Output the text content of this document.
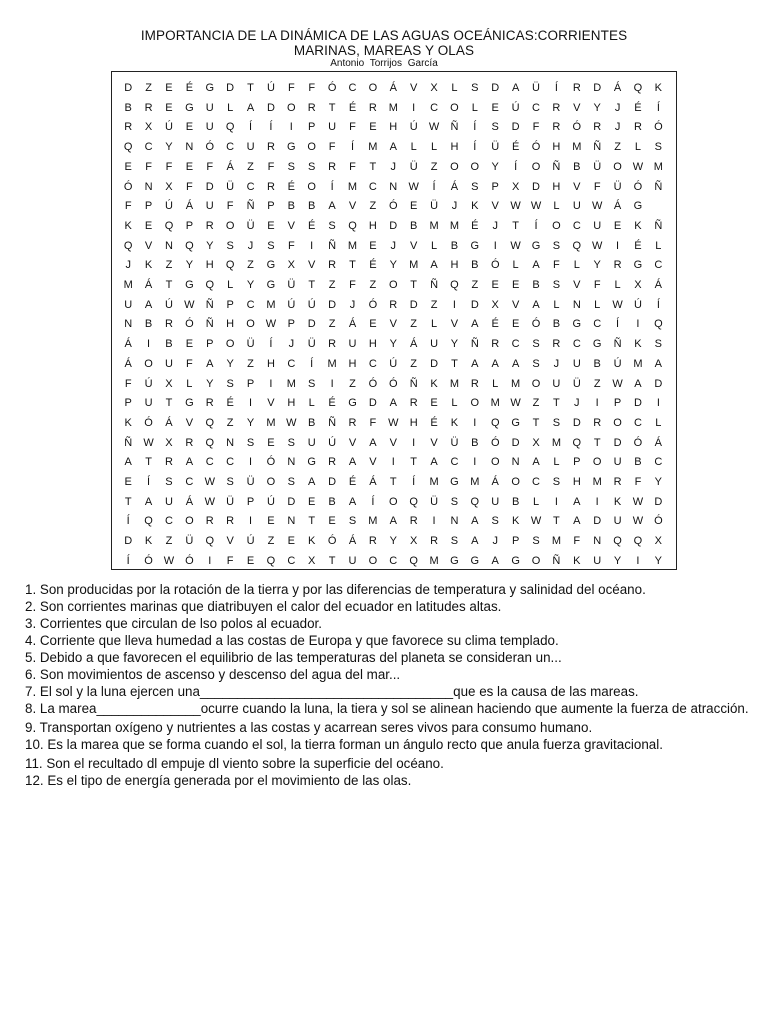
IMPORTANCIA DE LA DINÁMICA DE LAS AGUAS OCEÁNICAS:CORRIENTES
MARINAS, MAREAS Y OLAS
Antonio Torrijos García
D	Z	E	É	G	D	T	Ú	F	F	Ó	C	O	Á	V	X	L	S	D	A	Ü	Í	R	D	Á	Q	K
B	R	E	G	U	L	A	D	O	R	T	É	R	M	I	C	O	L	E	Ú	C	R	V	Y	J	É	Í
R	X	Ú	E	U	Q	Í	Í	I	P	U	F	E	H	Ú	W	Ñ	Í	S	D	F	R	Ó	R	J	R	Ó
Q	C	Y	N	Ó	C	U	R	G	O	F	Í	M	A	L	L	H	Í	Ü	É	Ó	H	M	Ñ	Z	L	S
E	F	F	E	F	Á	Z	F	S	S	R	F	T	J	Ü	Z	O	O	Y	Í	O	Ñ	B	Ü	O W M
Ó	N	X	F	D	Ü	C	R	É	O	Í	M	C	N	W	Í	Á	S	P	X	D	H	V	F	Ü	Ó	Ñ
F	P	Ú	Á	U	F	Ñ	P	B	B	A	V	Z	Ó	E	Ü	J	K	V	W W	L	U	W	Á	G
K	E	Q	P	R	O	Ü	E	V	É	S	Q	H	D	B	M	M	É	J	T	Í	O	C	U	E	K	Ñ
Q	V	N	Q	Y	S	J	S	F	I	Ñ	M	E	J	V	L	B	G	I	W G	S	Q W	I	É	L
J	K	Z	Y	H	Q	Z	G	X	V	R	T	É	Y	M	A	H	B	Ó	L	A	F	L	Y	R	G	C
M	Á	T	G	Q	L	Y	G	Ü	T	Z	F	Z	O	T	Ñ	Q	Z	E	E	B	S	V	F	L	X	Á
U	A	Ú	W	Ñ	P	C	M	Ú	Ú	D	J	Ó	R	D	Z	I	D	X	V	A	L	N	L	W	Ú	Í
N	B	R	Ó	Ñ	H	O W	P	D	Z	Á	E	V	Z	L	V	A	É	E	Ó	B	G	C	Í	I	Q
Á	I	B	E	P	O	Ü	Í	J	Ü	R	U	H	Y	Á	U	Y	Ñ	R	C	S	R	C	G	Ñ	K	S
Á	O	U	F	A	Y	Z	H	C	Í	M	H	C	Ú	Z	D	T	A	A	A	S	J	U	B	Ú	M	A
F	Ú	X	L	Y	S	P	I	M	S	I	Z	Ó	Ó	Ñ	K	M	R	L	M	O	U	Ü	Z	W	A	D
P	U	T	G	R	É	I	V	H	L	É	G	D	A	R	E	L	O	M W	Z	T	J	I	P	D	I
K	Ó	Á	V	Q	Z	Y	M W	B	Ñ	R	F	W	H	É	K	I	Q	G	T	S	D	R	O	C	L
Ñ	W	X	R	Q	N	S	E	S	U	Ú	V	A	V	I	V	Ü	B	Ó	D	X	M	Q	T	D	Ó	Á
A	T	R	A	C	C	I	Ó	N	G	R	A	V	I	T	A	C	I	O	N	A	L	P	O	U	B	C
E	Í	S	C	W	S	Ü	O	S	A	D	É	Á	T	Í	M	G	M	Á	O	C	S	H	M	R	F	Y
T	A	U	Á	W	Ü	P	Ú	D	E	B	A	Í	O	Q	Ü	S	Q	U	B	L	I	A	I	K	W	D
Í	Q	C	O	R	R	I	E	N	T	E	S	M	A	R	I	N	A	S	K	W	T	A	D	U	W Ó
D	K	Z	Ü	Q	V	Ú	Z	E	K	Ó	Á	R	Y	X	R	S	A	J	P	S	M	F	N	Q	Q	X
Í	Ó W Ó	I	F	E	Q	C	X	T	U	O	C	Q	M	G	G	A	G	O	Ñ	K	U	Y	I	Y

1. Son producidas por la rotación de la tierra y por las diferencias de temperatura y salinidad del océano.

2. Son corrientes marinas que diatribuyen el calor del ecuador en latitudes altas.

3. Corrientes que circulan de lso polos al ecuador.

4. Corriente que lleva humedad a las costas de Europa y que favorece su clima templado.

5. Debido a que favorecen el equilibrio de las temperaturas del planeta se consideran un...

6. Son movimientos de ascenso y descenso del agua del mar...

7. El sol y la luna ejercen una__________________________________que es la causa de las mareas.

8. La marea______________ocurre cuando la luna, la tiera y sol se alinean haciendo que aumente la fuerza de atracción.

9. Transportan oxígeno y nutrientes a las costas y acarrean seres vivos para consumo humano.

10. Es la marea que se forma cuando el sol, la tierra forman un ángulo recto que anula fuerza gravitacional.

11. Son el recultado dl empuje dl viento sobre la superficie del océano.

12. Es el tipo de energía generada por el movimiento de las olas.
